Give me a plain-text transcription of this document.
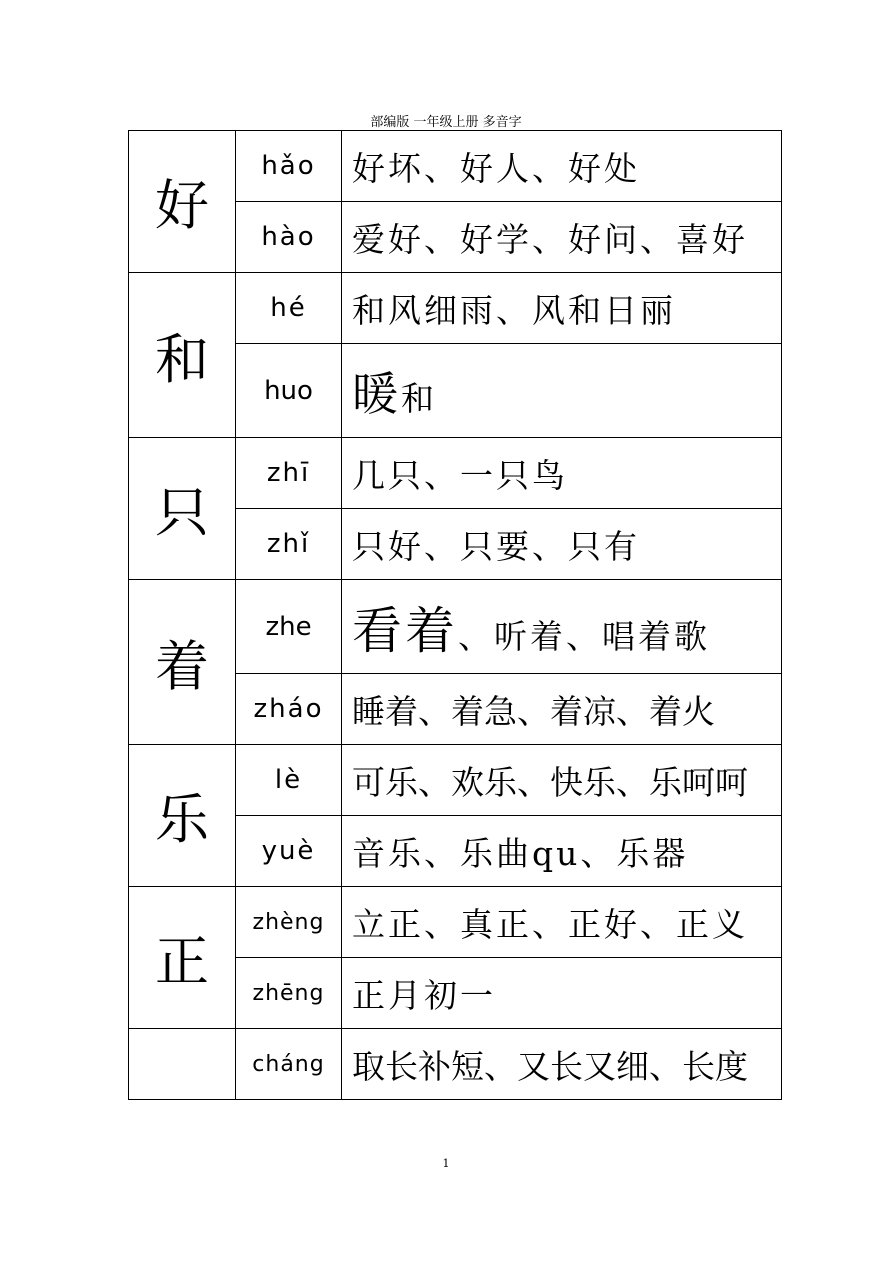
部编版 一年级上册 多音字
好	hǎo	好坏、好人、好处
	hào	爱好、好学、好问、喜好
和	hé	和风细雨、风和日丽
	huo	暖和
只	zhī	几只、一只鸟
	zhǐ	只好、只要、只有
着	zhe	看着、听着、唱着歌
	zháo	睡着、着急、着凉、着火
乐	lè	可乐、欢乐、快乐、乐呵呵
	yuè	音乐、乐曲qu、乐器
正	zhèng	立正、真正、正好、正义
	zhēng	正月初一
	cháng	取长补短、又长又细、长度
1
